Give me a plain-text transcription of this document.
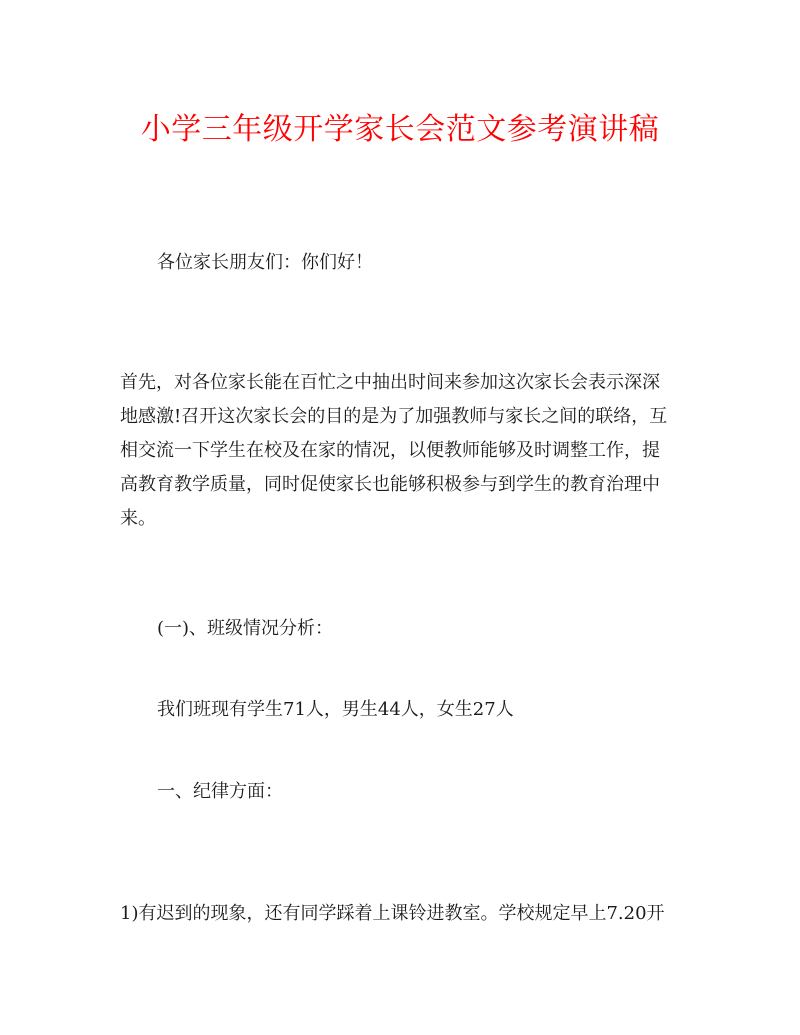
小学三年级开学家长会范文参考演讲稿
各位家长朋友们：你们好！
首先，对各位家长能在百忙之中抽出时间来参加这次家长会表示深深地感激!召开这次家长会的目的是为了加强教师与家长之间的联络，互相交流一下学生在校及在家的情况，以便教师能够及时调整工作，提高教育教学质量，同时促使家长也能够积极参与到学生的教育治理中来。
(一)、班级情况分析：
我们班现有学生71人，男生44人，女生27人
一、纪律方面：
1)有迟到的现象，还有同学踩着上课铃进教室。学校规定早上7.20开
